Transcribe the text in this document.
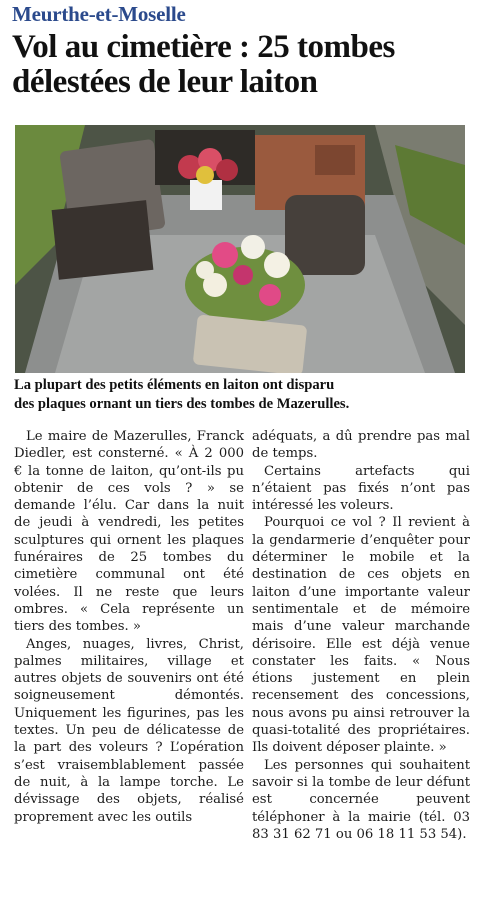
Meurthe-et-Moselle
Vol au cimetière : 25 tombes
délestées de leur laiton
La plupart des petits éléments en laiton ont disparu
des plaques ornant un tiers des tombes de Mazerulles.

Le maire de Mazerulles, Franck Diedler, est consterné. « À 2 000 € la tonne de laiton, qu’ont-ils pu obtenir de ces vols ? » se demande l’élu. Car dans la nuit de jeudi à vendredi, les petites sculptures qui ornent les plaques funéraires de 25 tombes du cimetière communal ont été volées. Il ne reste que leurs ombres. « Cela représente un tiers des tombes. »

Anges, nuages, livres, Christ, palmes militaires, village et autres objets de souvenirs ont été soigneusement démontés. Uniquement les figurines, pas les textes. Un peu de délicatesse de la part des voleurs ? L’opération s’est vraisemblablement passée de nuit, à la lampe torche. Le dévissage des objets, réalisé proprement avec les outils

adéquats, a dû prendre pas mal de temps.

Certains artefacts qui n’étaient pas fixés n’ont pas intéressé les voleurs.

Pourquoi ce vol ? Il revient à la gendarmerie d’enquêter pour déterminer le mobile et la destination de ces objets en laiton d’une importante valeur sentimentale et de mémoire mais d’une valeur marchande dérisoire. Elle est déjà venue constater les faits. « Nous étions justement en plein recensement des concessions, nous avons pu ainsi retrouver la quasi-totalité des propriétaires. Ils doivent déposer plainte. »

Les personnes qui souhaitent savoir si la tombe de leur défunt est concernée peuvent téléphoner à la mairie (tél. 03 83 31 62 71 ou 06 18 11 53 54).
